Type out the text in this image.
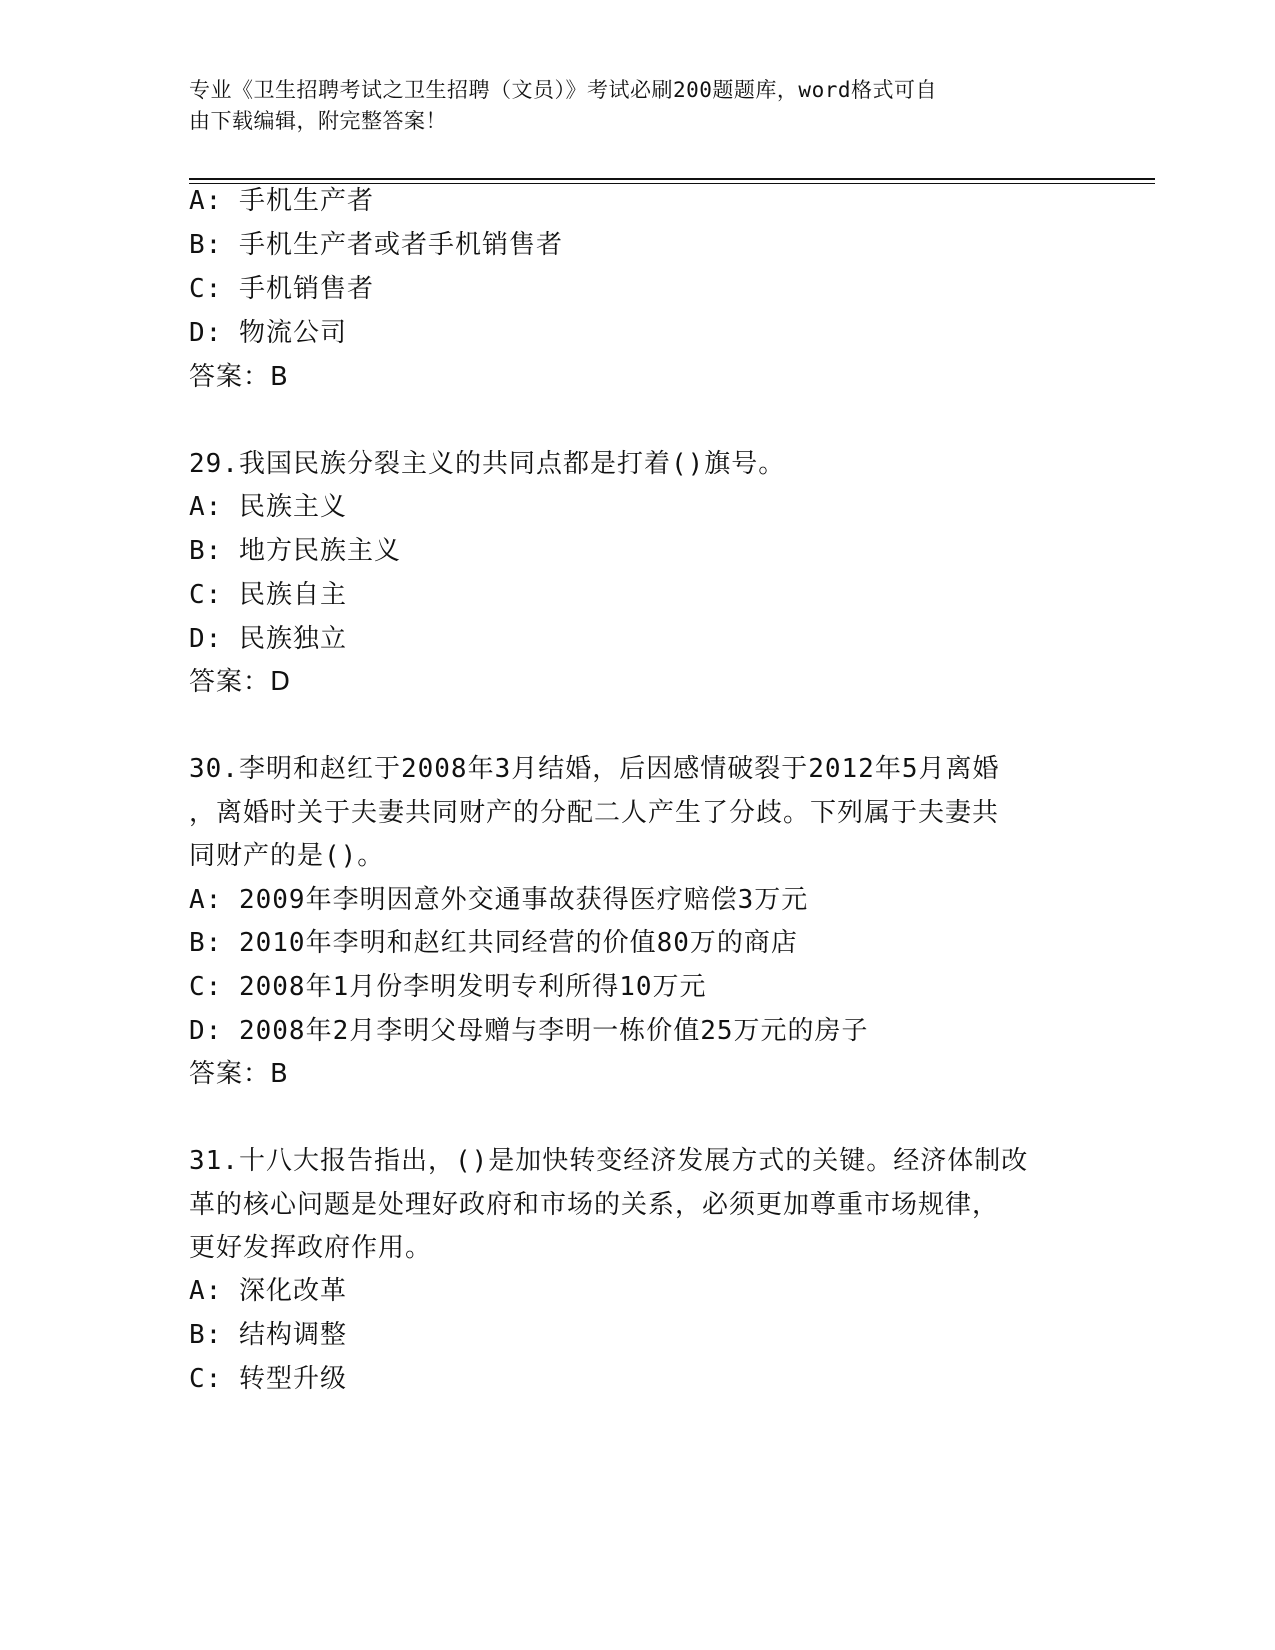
专业《卫生招聘考试之卫生招聘（文员）》考试必刷200题题库，word格式可自
由下载编辑，附完整答案！
A: 手机生产者
B: 手机生产者或者手机销售者
C: 手机销售者
D: 物流公司
答案：B
29.我国民族分裂主义的共同点都是打着()旗号。
A: 民族主义
B: 地方民族主义
C: 民族自主
D: 民族独立
答案：D
30.李明和赵红于2008年3月结婚，后因感情破裂于2012年5月离婚
，离婚时关于夫妻共同财产的分配二人产生了分歧。下列属于夫妻共
同财产的是()。
A: 2009年李明因意外交通事故获得医疗赔偿3万元
B: 2010年李明和赵红共同经营的价值80万的商店
C: 2008年1月份李明发明专利所得10万元
D: 2008年2月李明父母赠与李明一栋价值25万元的房子
答案：B
31.十八大报告指出，()是加快转变经济发展方式的关键。经济体制改
革的核心问题是处理好政府和市场的关系，必须更加尊重市场规律，
更好发挥政府作用。
A: 深化改革
B: 结构调整
C: 转型升级
